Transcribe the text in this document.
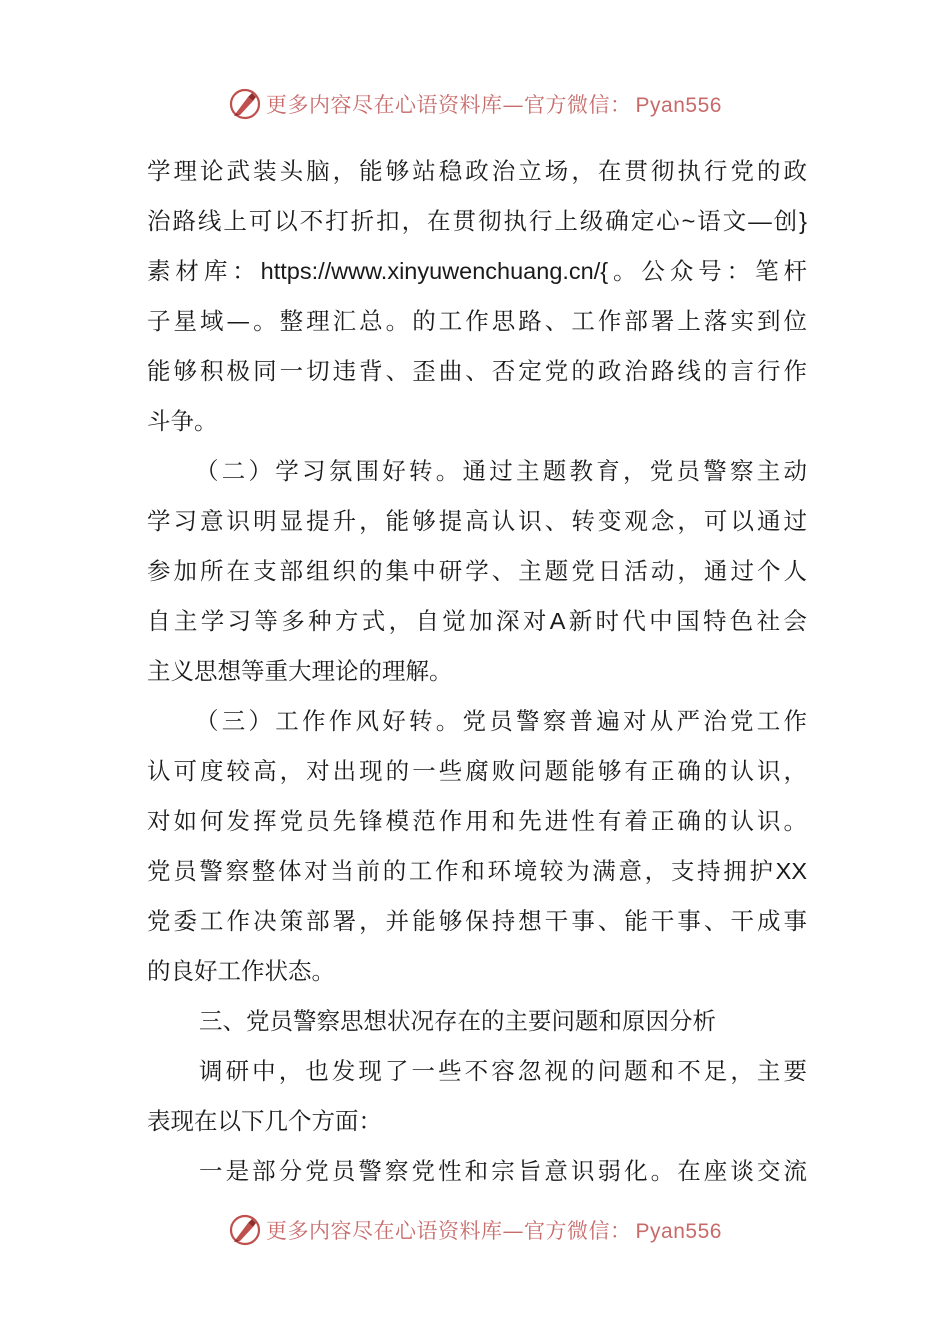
更多内容尽在心语资料库—官方微信： Pyan556
学理论武装头脑，能够站稳政治立场，在贯彻执行党的政
治路线上可以不打折扣，在贯彻执行上级确定心~语文—创}
素材库：https://www.xinyuwenchuang.cn/{。公众号：笔杆
子星域—。整理汇总。的工作思路、工作部署上落实到位
能够积极同一切违背、歪曲、否定党的政治路线的言行作
斗争。
（二）学习氛围好转。通过主题教育，党员警察主动
学习意识明显提升，能够提高认识、转变观念，可以通过
参加所在支部组织的集中研学、主题党日活动，通过个人
自主学习等多种方式，自觉加深对A新时代中国特色社会
主义思想等重大理论的理解。
（三）工作作风好转。党员警察普遍对从严治党工作
认可度较高，对出现的一些腐败问题能够有正确的认识，
对如何发挥党员先锋模范作用和先进性有着正确的认识。
党员警察整体对当前的工作和环境较为满意，支持拥护XX
党委工作决策部署，并能够保持想干事、能干事、干成事
的良好工作状态。
三、党员警察思想状况存在的主要问题和原因分析
调研中，也发现了一些不容忽视的问题和不足，主要
表现在以下几个方面：
一是部分党员警察党性和宗旨意识弱化。在座谈交流
更多内容尽在心语资料库—官方微信： Pyan556
